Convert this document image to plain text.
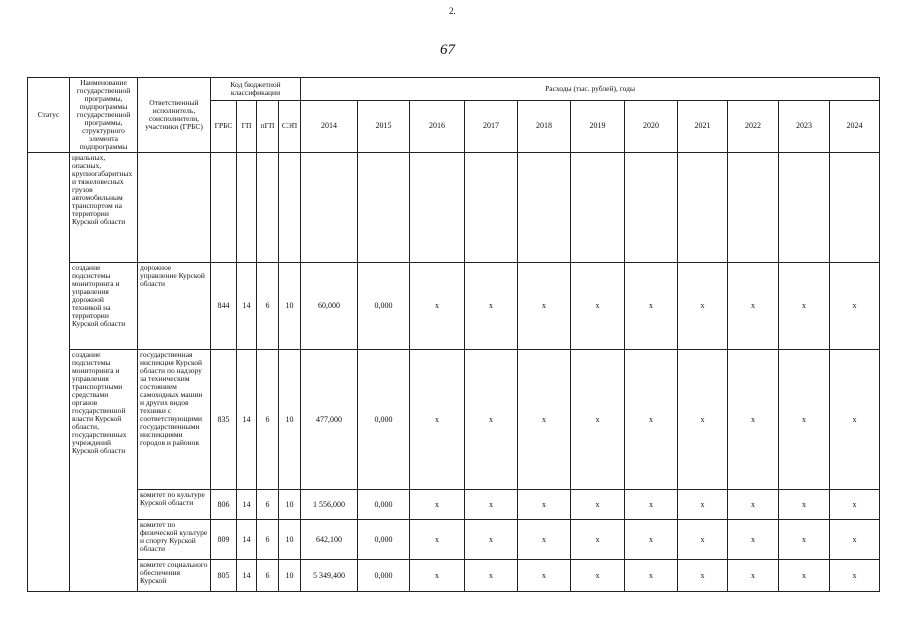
2.
67
Статус	Наименование государственной программы, подпрограммы государственной программы, структурного элемента подпрограммы	Ответственный исполнитель, соисполнители, участники (ГРБС)	Код бюджетной классификации				Расходы (тыс. рублей), годы										
			ГРБС	ГП	пГП	СЭП	2014	2015	2016	2017	2018	2019	2020	2021	2022	2023	2024
	циальных, опасных, крупногабаритных и тяжеловесных грузов автомобильным транспортом на территории Курской области																
	создание подсистемы мониторинга и управления дорожной техникой на территории Курской области	дорожное управление Курской области	844	14	6	10	60,000	0,000	x	x	x	x	x	x	x	x	x
	создание подсистемы мониторинга и управления транспортными средствами органов государственной власти Курской области, государственных учреждений Курской области	государственная инспекция Курской области по надзору за техническим состоянием самоходных машин и других видов техники с соответствующими государственными инспекциями городов и районов	835	14	6	10	477,000	0,000	x	x	x	x	x	x	x	x	x
		комитет по культуре Курской области	806	14	6	10	1 556,000	0,000	x	x	x	x	x	x	x	x	x
		комитет по физической культуре и спорту Курской области	809	14	6	10	642,100	0,000	x	x	x	x	x	x	x	x	x
		комитет социального обеспечения Курской	805	14	6	10	5 349,400	0,000	x	x	x	x	x	x	x	x	x
